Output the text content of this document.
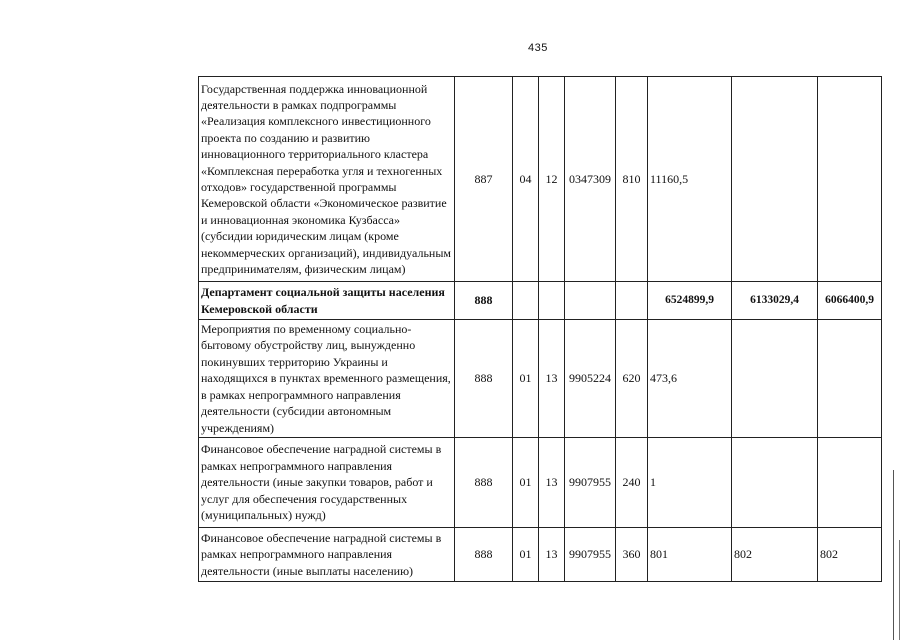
435
Государственная поддержка инновационной деятельности в рамках подпрограммы «Реализация комплексного инвестиционного проекта по созданию и развитию инновационного территориального кластера «Комплексная переработка угля и техногенных отходов» государственной программы Кемеровской области «Экономическое развитие и инновационная экономика Кузбасса» (субсидии юридическим лицам (кроме некоммерческих организаций), индивидуальным предпринимателям, физическим лицам)	887	04	12	0347309	810	11160,5		
Департамент социальной защиты населения Кемеровской области	888					6524899,9	6133029,4	6066400,9
Мероприятия по временному социально-бытовому обустройству лиц, вынужденно покинувших территорию Украины и находящихся в пунктах временного размещения, в рамках непрограммного направления деятельности (субсидии автономным учреждениям)	888	01	13	9905224	620	473,6		
Финансовое обеспечение наградной системы в рамках непрограммного направления деятельности (иные закупки товаров, работ и услуг для обеспечения государственных (муниципальных) нужд)	888	01	13	9907955	240	1		
Финансовое обеспечение наградной системы в рамках непрограммного направления деятельности (иные выплаты населению)	888	01	13	9907955	360	801	802	802
